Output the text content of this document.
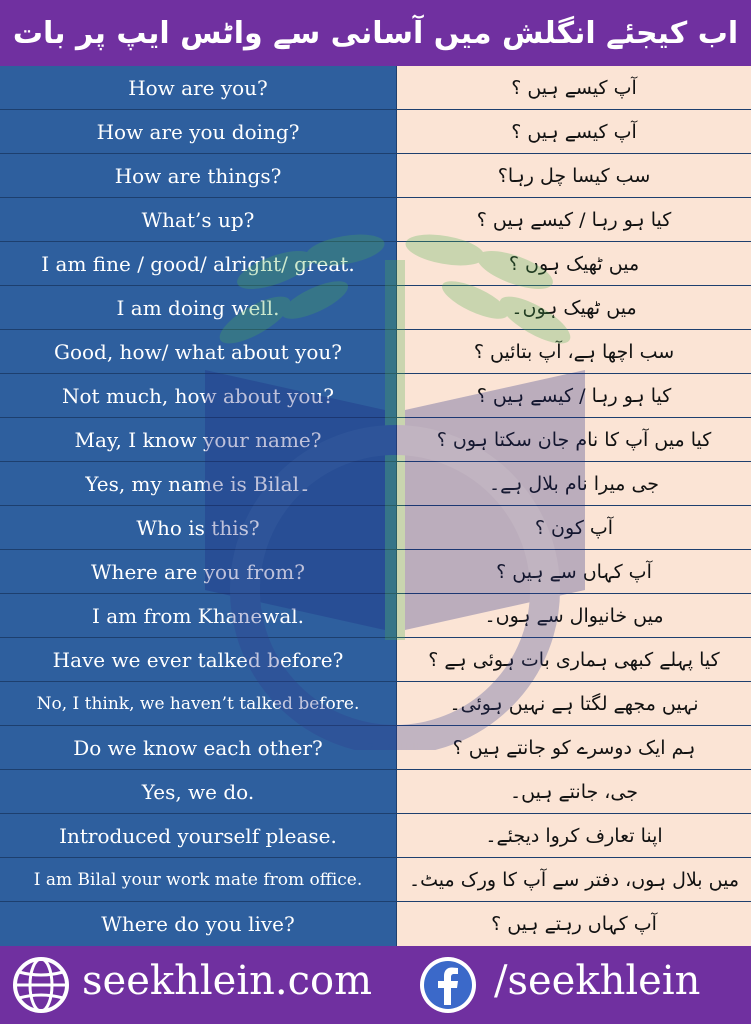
اب کیجئے انگلش میں آسانی سے واٹس ایپ پر بات
How are you?	آپ کیسے ہیں ؟
How are you doing?	آپ کیسے ہیں ؟
How are things?	سب کیسا چل رہا؟
What’s up?	کیا ہو رہا / کیسے ہیں ؟
I am fine / good/ alright/ great.	میں ٹھیک ہوں ؟
I am doing well.	میں ٹھیک ہوں۔
Good, how/ what about you?	سب اچھا ہے، آپ بتائیں ؟
Not much, how about you?	کیا ہو رہا / کیسے ہیں ؟
May, I know your name?	کیا میں آپ کا نام جان سکتا ہوں ؟
Yes, my name is Bilal۔	جی میرا نام بلال ہے۔
Who is this?	آپ کون ؟
Where are you from?	آپ کہاں سے ہیں ؟
I am from Khanewal.	میں خانیوال سے ہوں۔
Have we ever talked before?	کیا پہلے کبھی ہماری بات ہوئی ہے ؟
No, I think, we haven’t talked before.	نہیں مجھے لگتا ہے نہیں ہوئی۔
Do we know each other?	ہم ایک دوسرے کو جانتے ہیں ؟
Yes, we do.	جی، جانتے ہیں۔
Introduced yourself please.	اپنا تعارف کروا دیجئے۔
I am Bilal your work mate from office.	میں بلال ہوں، دفتر سے آپ کا ورک میٹ۔
Where do you live?	آپ کہاں رہتے ہیں ؟
SEEKHLEIN
seekhlein.com	/seekhlein
